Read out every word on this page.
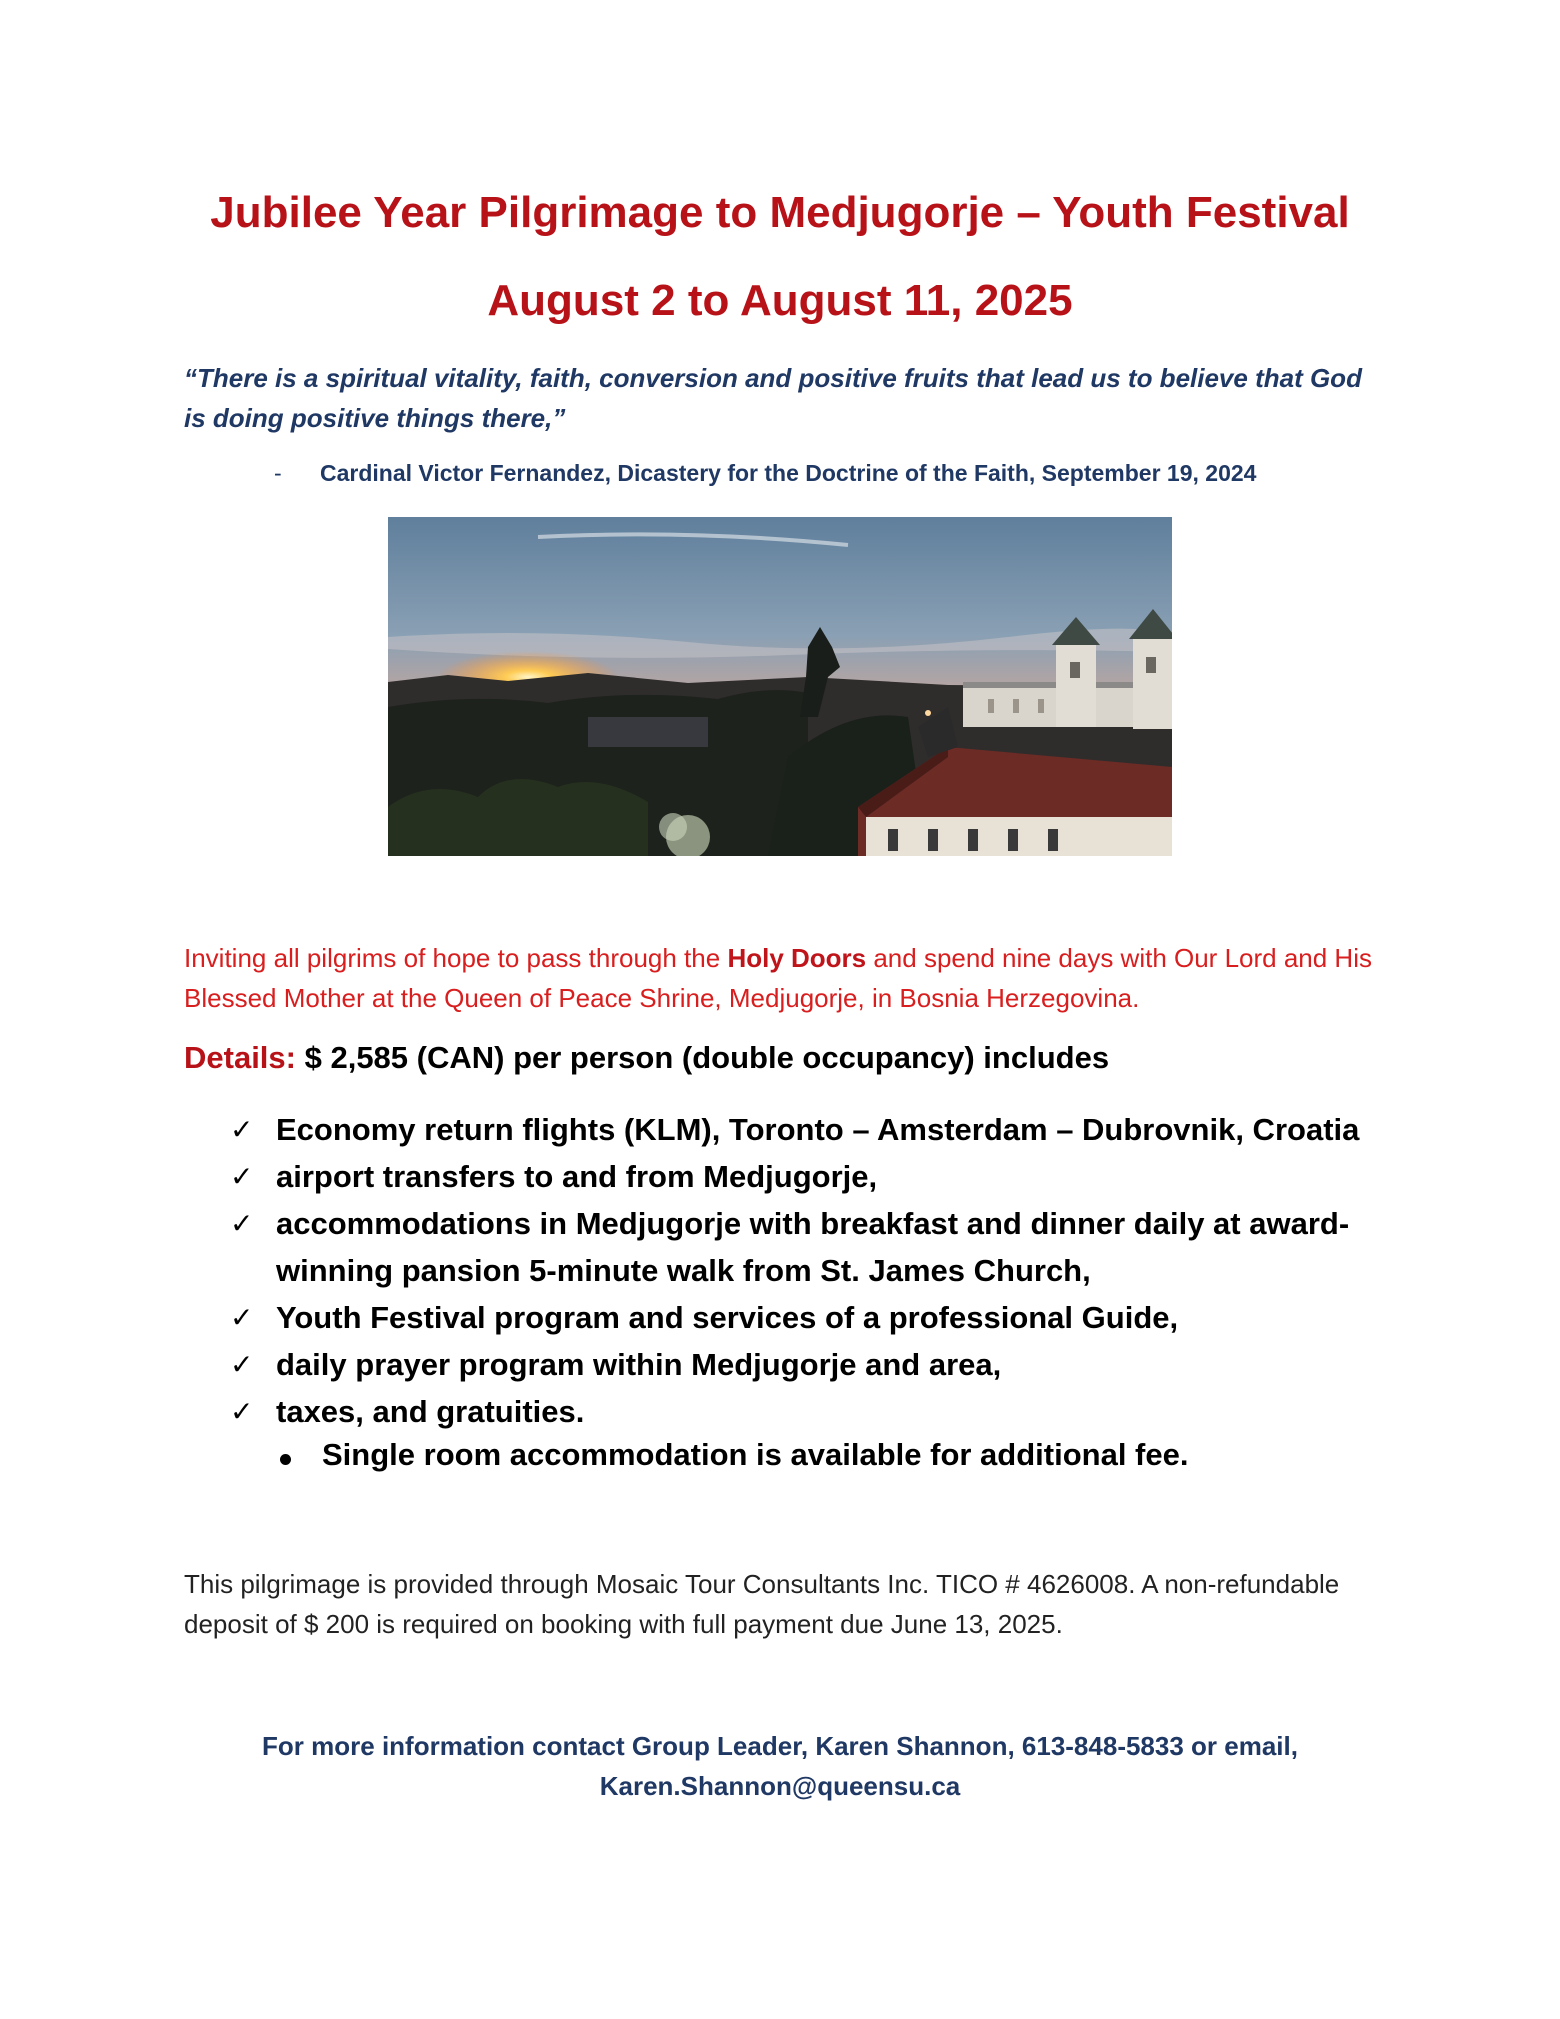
Jubilee Year Pilgrimage to Medjugorje – Youth Festival
August 2 to August 11, 2025

“There is a spiritual vitality, faith, conversion and positive fruits that lead us to believe that God is doing positive things there,”

- Cardinal Victor Fernandez, Dicastery for the Doctrine of the Faith, September 19, 2024

Inviting all pilgrims of hope to pass through the Holy Doors and spend nine days with Our Lord and His Blessed Mother at the Queen of Peace Shrine, Medjugorje, in Bosnia Herzegovina.

Details: $ 2,585 (CAN) per person (double occupancy) includes

✓ Economy return flights (KLM), Toronto – Amsterdam – Dubrovnik, Croatia
✓ airport transfers to and from Medjugorje,
✓ accommodations in Medjugorje with breakfast and dinner daily at award-winning pansion 5-minute walk from St. James Church,
✓ Youth Festival program and services of a professional Guide,
✓ daily prayer program within Medjugorje and area,
✓ taxes, and gratuities.

Single room accommodation is available for additional fee.

This pilgrimage is provided through Mosaic Tour Consultants Inc. TICO # 4626008. A non-refundable deposit of $ 200 is required on booking with full payment due June 13, 2025.

For more information contact Group Leader, Karen Shannon, 613-848-5833 or email,
Karen.Shannon@queensu.ca
